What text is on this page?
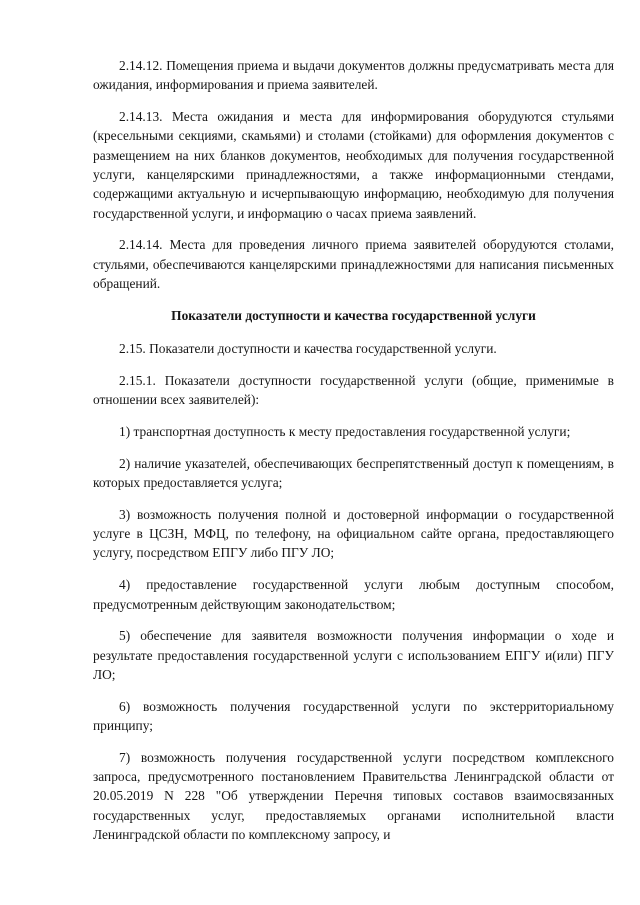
2.14.12. Помещения приема и выдачи документов должны предусматривать места для ожидания, информирования и приема заявителей.

2.14.13. Места ожидания и места для информирования оборудуются стульями (кресельными секциями, скамьями) и столами (стойками) для оформления документов с размещением на них бланков документов, необходимых для получения государственной услуги, канцелярскими принадлежностями, а также информационными стендами, содержащими актуальную и исчерпывающую информацию, необходимую для получения государственной услуги, и информацию о часах приема заявлений.

2.14.14. Места для проведения личного приема заявителей оборудуются столами, стульями, обеспечиваются канцелярскими принадлежностями для написания письменных обращений.

Показатели доступности и качества государственной услуги

2.15. Показатели доступности и качества государственной услуги.

2.15.1. Показатели доступности государственной услуги (общие, применимые в отношении всех заявителей):

1) транспортная доступность к месту предоставления государственной услуги;

2) наличие указателей, обеспечивающих беспрепятственный доступ к помещениям, в которых предоставляется услуга;

3) возможность получения полной и достоверной информации о государственной услуге в ЦСЗН, МФЦ, по телефону, на официальном сайте органа, предоставляющего услугу, посредством ЕПГУ либо ПГУ ЛО;

4) предоставление государственной услуги любым доступным способом, предусмотренным действующим законодательством;

5) обеспечение для заявителя возможности получения информации о ходе и результате предоставления государственной услуги с использованием ЕПГУ и(или) ПГУ ЛО;

6) возможность получения государственной услуги по экстерриториальному принципу;

7) возможность получения государственной услуги посредством комплексного запроса, предусмотренного постановлением Правительства Ленинградской области от 20.05.2019 N 228 "Об утверждении Перечня типовых составов взаимосвязанных государственных услуг, предоставляемых органами исполнительной власти Ленинградской области по комплексному запросу, и
